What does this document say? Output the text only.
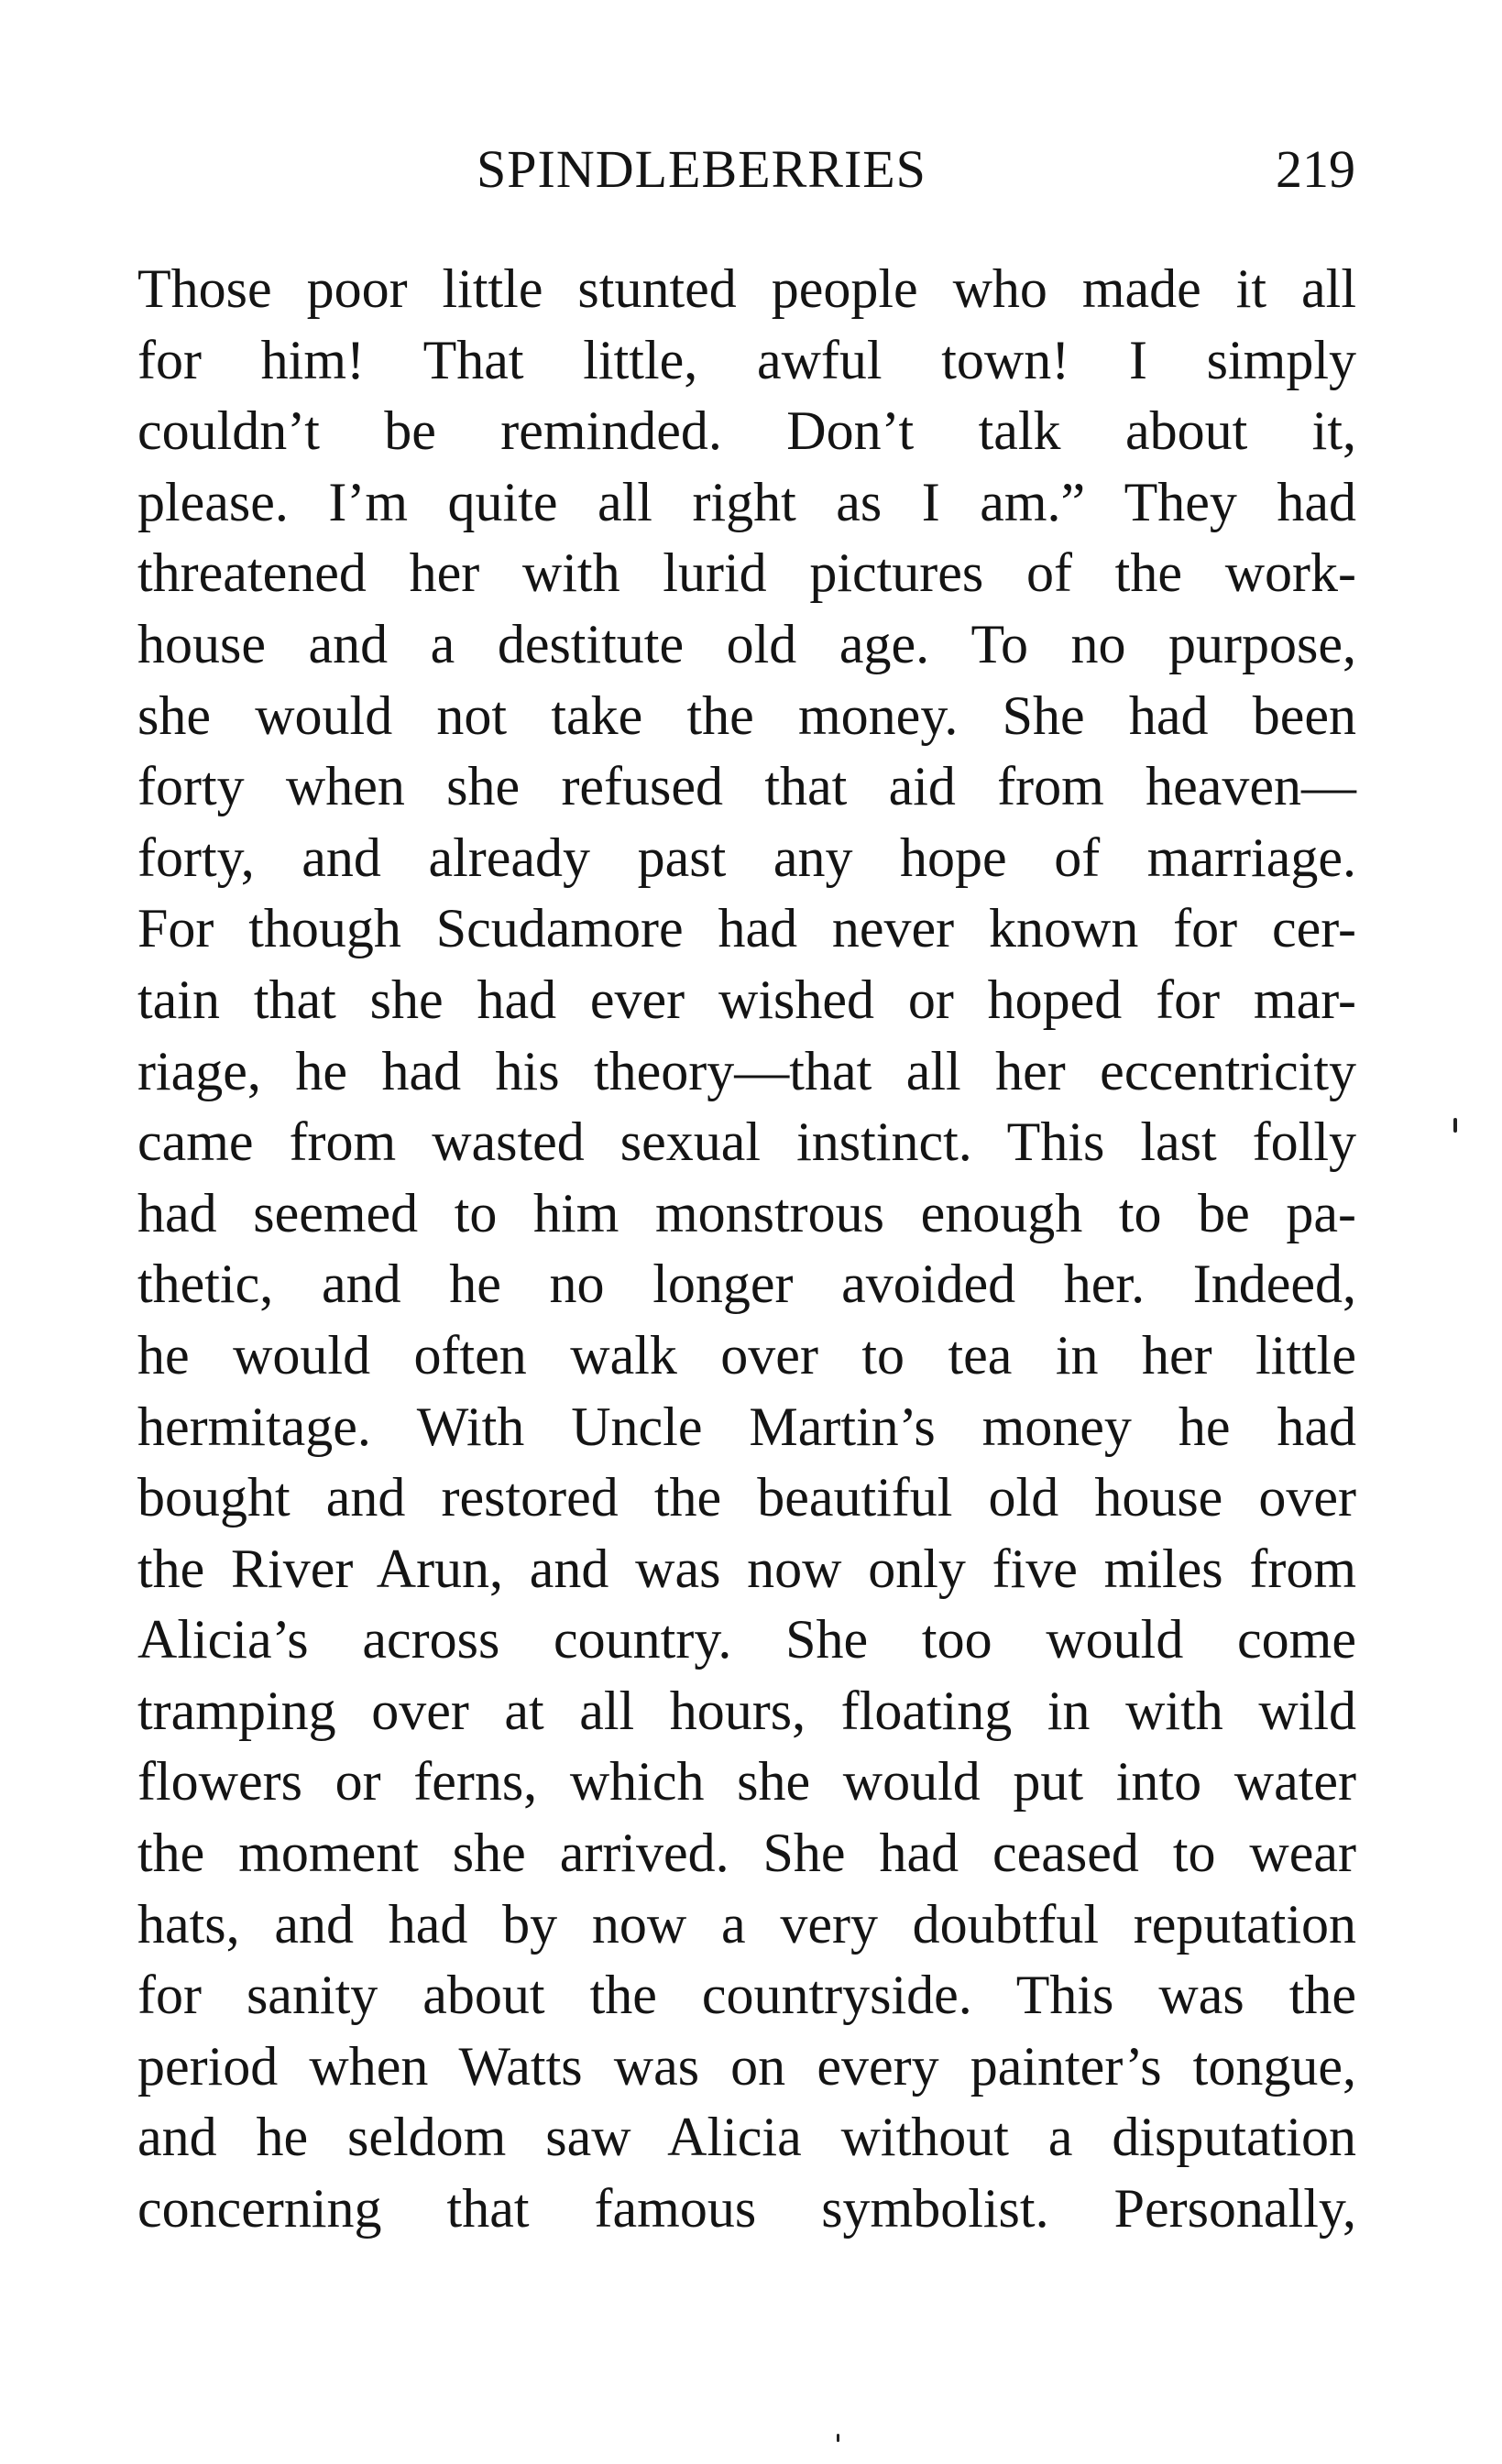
SPINDLEBERRIES	219
Those poor little stunted people who made it all
for him! That little, awful town! I simply
couldn’t be reminded. Don’t talk about it,
please. I’m quite all right as I am.” They had
threatened her with lurid pictures of the work-
house and a destitute old age. To no purpose,
she would not take the money. She had been
forty when she refused that aid from heaven—
forty, and already past any hope of marriage.
For though Scudamore had never known for cer-
tain that she had ever wished or hoped for mar-
riage, he had his theory—that all her eccentricity
came from wasted sexual instinct. This last folly
had seemed to him monstrous enough to be pa-
thetic, and he no longer avoided her. Indeed,
he would often walk over to tea in her little
hermitage. With Uncle Martin’s money he had
bought and restored the beautiful old house over
the River Arun, and was now only five miles from
Alicia’s across country. She too would come
tramping over at all hours, floating in with wild
flowers or ferns, which she would put into water
the moment she arrived. She had ceased to wear
hats, and had by now a very doubtful reputation
for sanity about the countryside. This was the
period when Watts was on every painter’s tongue,
and he seldom saw Alicia without a disputation
concerning that famous symbolist. Personally,
